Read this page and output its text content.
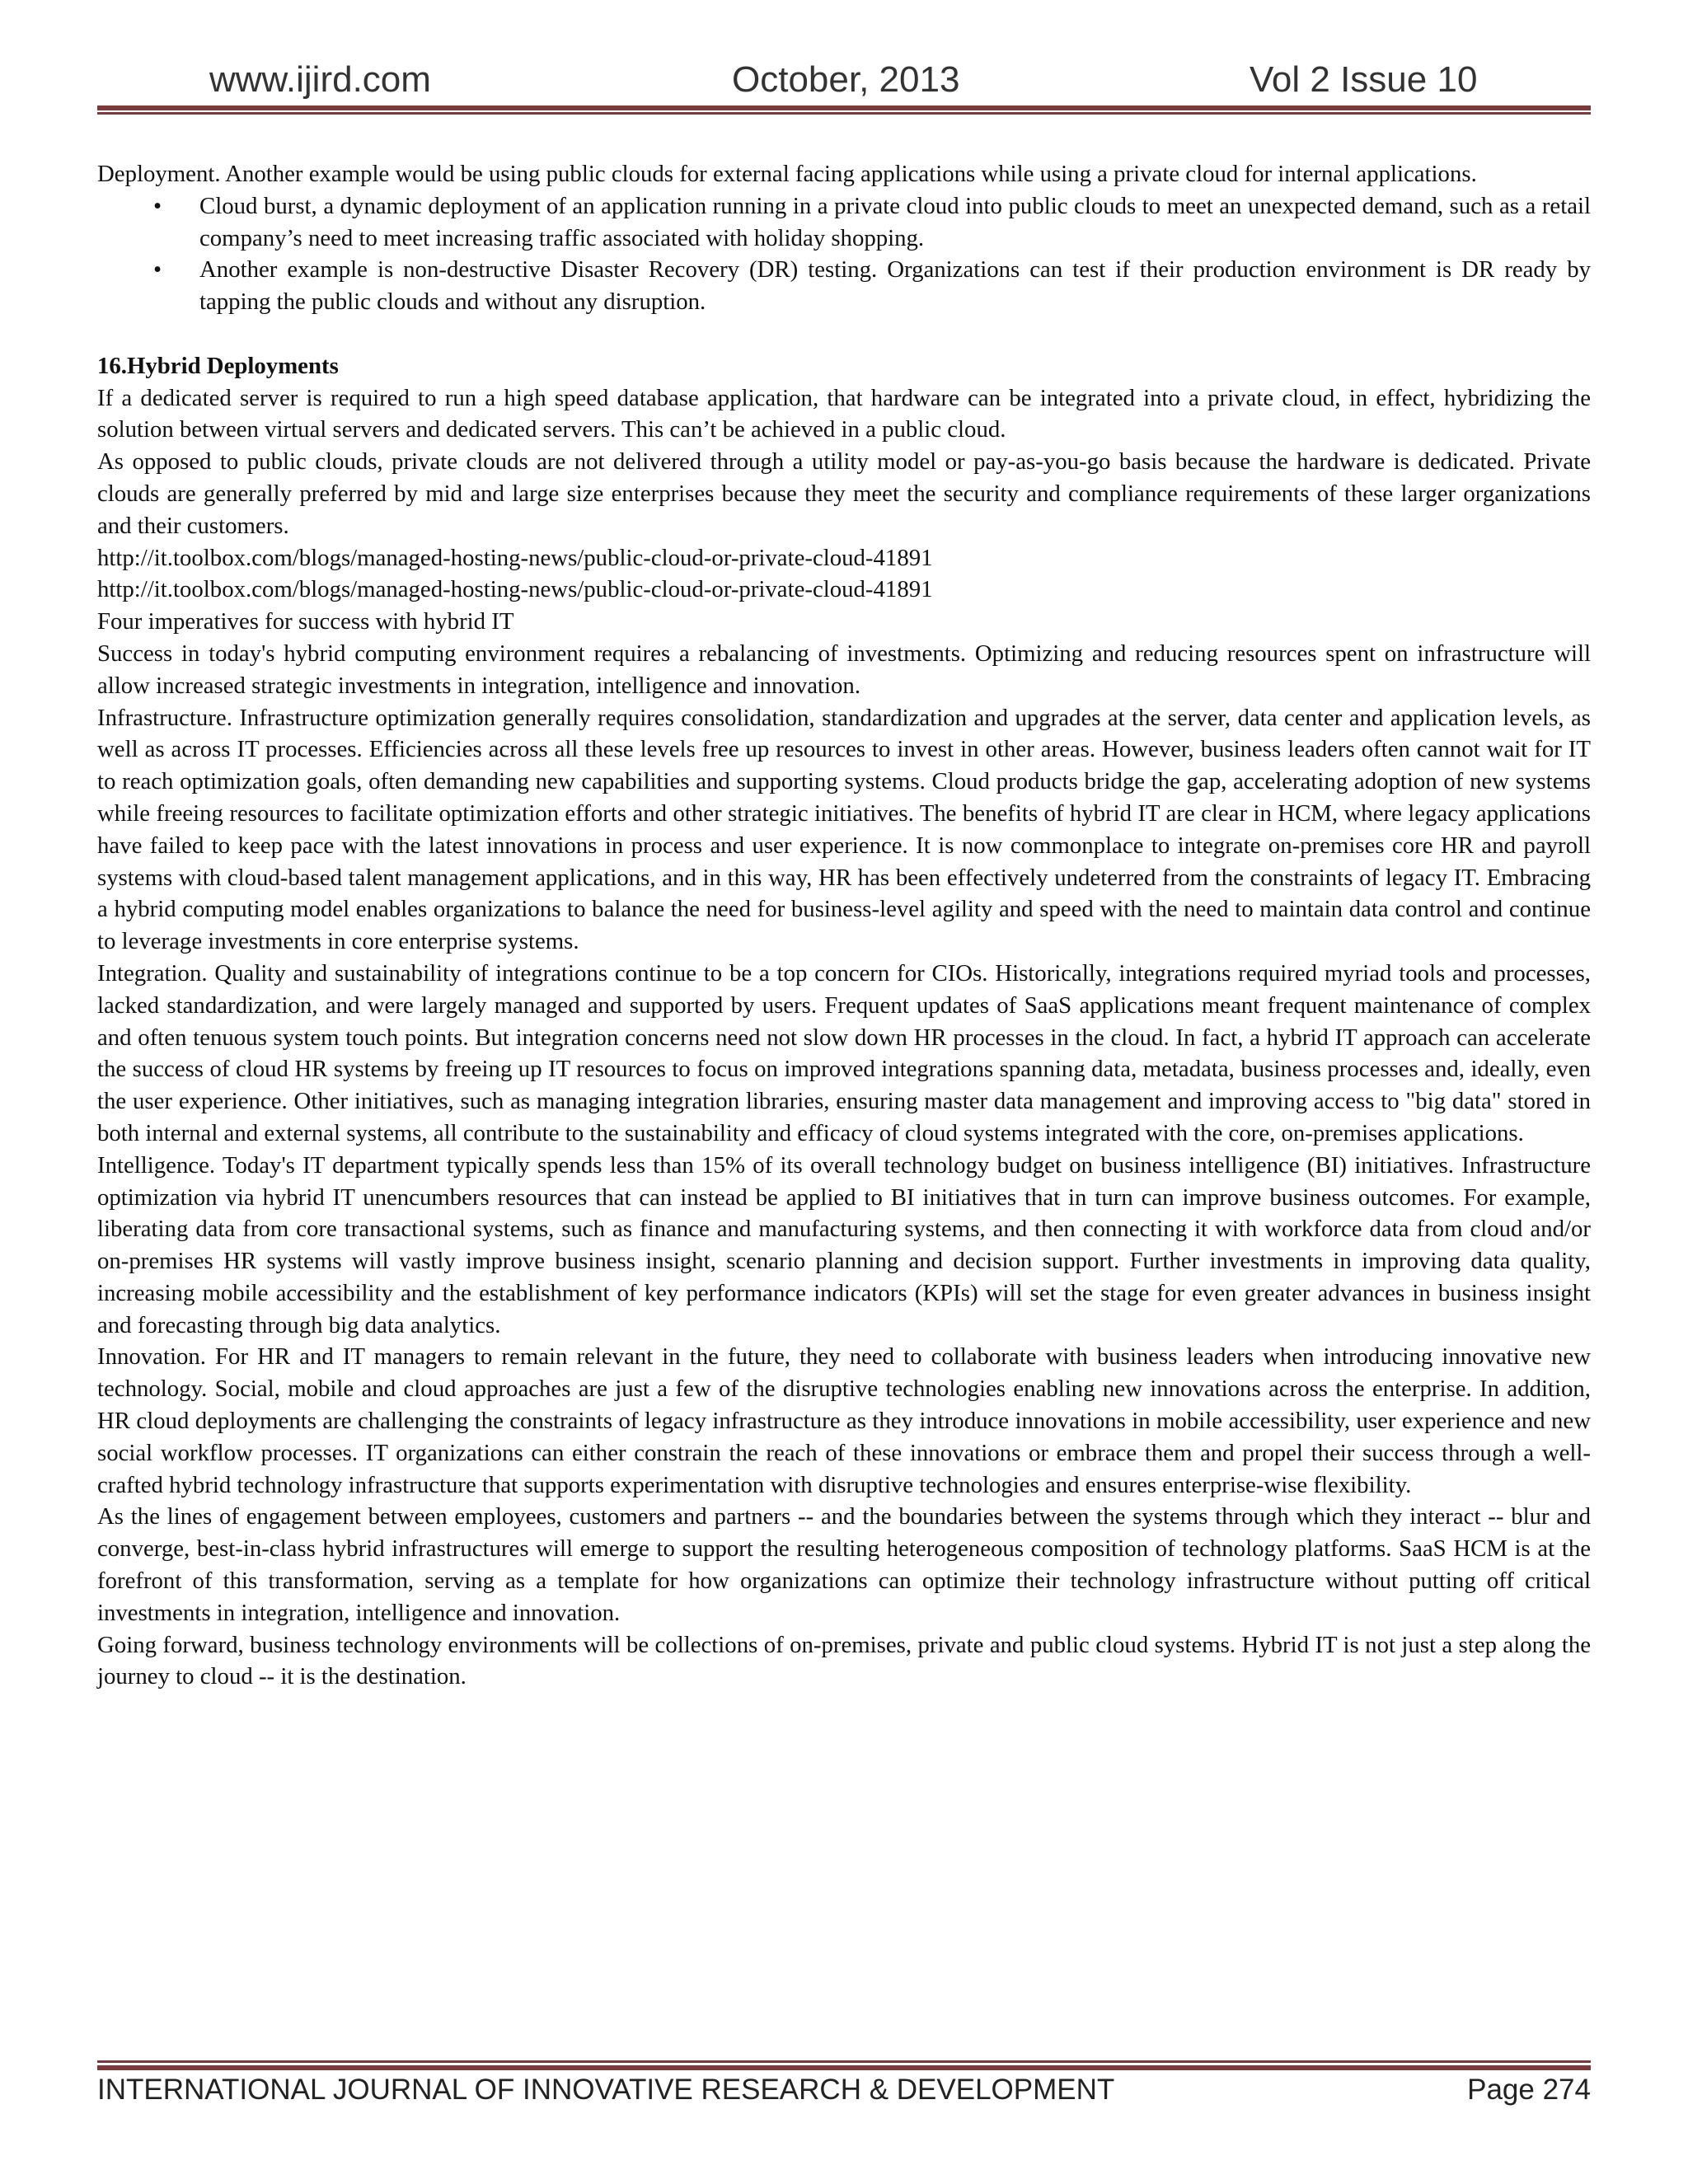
www.ijird.com	October, 2013	Vol 2 Issue 10

Deployment. Another example would be using public clouds for external facing applications while using a private cloud for internal applications.

• Cloud burst, a dynamic deployment of an application running in a private cloud into public clouds to meet an unexpected demand, such as a retail company’s need to meet increasing traffic associated with holiday shopping.
• Another example is non-destructive Disaster Recovery (DR) testing. Organizations can test if their production environment is DR ready by tapping the public clouds and without any disruption.

16.Hybrid Deployments

If a dedicated server is required to run a high speed database application, that hardware can be integrated into a private cloud, in effect, hybridizing the solution between virtual servers and dedicated servers. This can’t be achieved in a public cloud.

As opposed to public clouds, private clouds are not delivered through a utility model or pay-as-you-go basis because the hardware is dedicated. Private clouds are generally preferred by mid and large size enterprises because they meet the security and compliance requirements of these larger organizations and their customers.

http://it.toolbox.com/blogs/managed-hosting-news/public-cloud-or-private-cloud-41891

http://it.toolbox.com/blogs/managed-hosting-news/public-cloud-or-private-cloud-41891

Four imperatives for success with hybrid IT

Success in today's hybrid computing environment requires a rebalancing of investments. Optimizing and reducing resources spent on infrastructure will allow increased strategic investments in integration, intelligence and innovation.

Infrastructure. Infrastructure optimization generally requires consolidation, standardization and upgrades at the server, data center and application levels, as well as across IT processes. Efficiencies across all these levels free up resources to invest in other areas. However, business leaders often cannot wait for IT to reach optimization goals, often demanding new capabilities and supporting systems. Cloud products bridge the gap, accelerating adoption of new systems while freeing resources to facilitate optimization efforts and other strategic initiatives. The benefits of hybrid IT are clear in HCM, where legacy applications have failed to keep pace with the latest innovations in process and user experience. It is now commonplace to integrate on-premises core HR and payroll systems with cloud-based talent management applications, and in this way, HR has been effectively undeterred from the constraints of legacy IT. Embracing a hybrid computing model enables organizations to balance the need for business-level agility and speed with the need to maintain data control and continue to leverage investments in core enterprise systems.

Integration. Quality and sustainability of integrations continue to be a top concern for CIOs. Historically, integrations required myriad tools and processes, lacked standardization, and were largely managed and supported by users. Frequent updates of SaaS applications meant frequent maintenance of complex and often tenuous system touch points. But integration concerns need not slow down HR processes in the cloud. In fact, a hybrid IT approach can accelerate the success of cloud HR systems by freeing up IT resources to focus on improved integrations spanning data, metadata, business processes and, ideally, even the user experience. Other initiatives, such as managing integration libraries, ensuring master data management and improving access to "big data" stored in both internal and external systems, all contribute to the sustainability and efficacy of cloud systems integrated with the core, on-premises applications.

Intelligence. Today's IT department typically spends less than 15% of its overall technology budget on business intelligence (BI) initiatives. Infrastructure optimization via hybrid IT unencumbers resources that can instead be applied to BI initiatives that in turn can improve business outcomes. For example, liberating data from core transactional systems, such as finance and manufacturing systems, and then connecting it with workforce data from cloud and/or on-premises HR systems will vastly improve business insight, scenario planning and decision support. Further investments in improving data quality, increasing mobile accessibility and the establishment of key performance indicators (KPIs) will set the stage for even greater advances in business insight and forecasting through big data analytics.

Innovation. For HR and IT managers to remain relevant in the future, they need to collaborate with business leaders when introducing innovative new technology. Social, mobile and cloud approaches are just a few of the disruptive technologies enabling new innovations across the enterprise. In addition, HR cloud deployments are challenging the constraints of legacy infrastructure as they introduce innovations in mobile accessibility, user experience and new social workflow processes. IT organizations can either constrain the reach of these innovations or embrace them and propel their success through a well-crafted hybrid technology infrastructure that supports experimentation with disruptive technologies and ensures enterprise-wise flexibility.

As the lines of engagement between employees, customers and partners -- and the boundaries between the systems through which they interact -- blur and converge, best-in-class hybrid infrastructures will emerge to support the resulting heterogeneous composition of technology platforms. SaaS HCM is at the forefront of this transformation, serving as a template for how organizations can optimize their technology infrastructure without putting off critical investments in integration, intelligence and innovation.

Going forward, business technology environments will be collections of on-premises, private and public cloud systems. Hybrid IT is not just a step along the journey to cloud -- it is the destination.

INTERNATIONAL JOURNAL OF INNOVATIVE RESEARCH & DEVELOPMENT	Page 274
